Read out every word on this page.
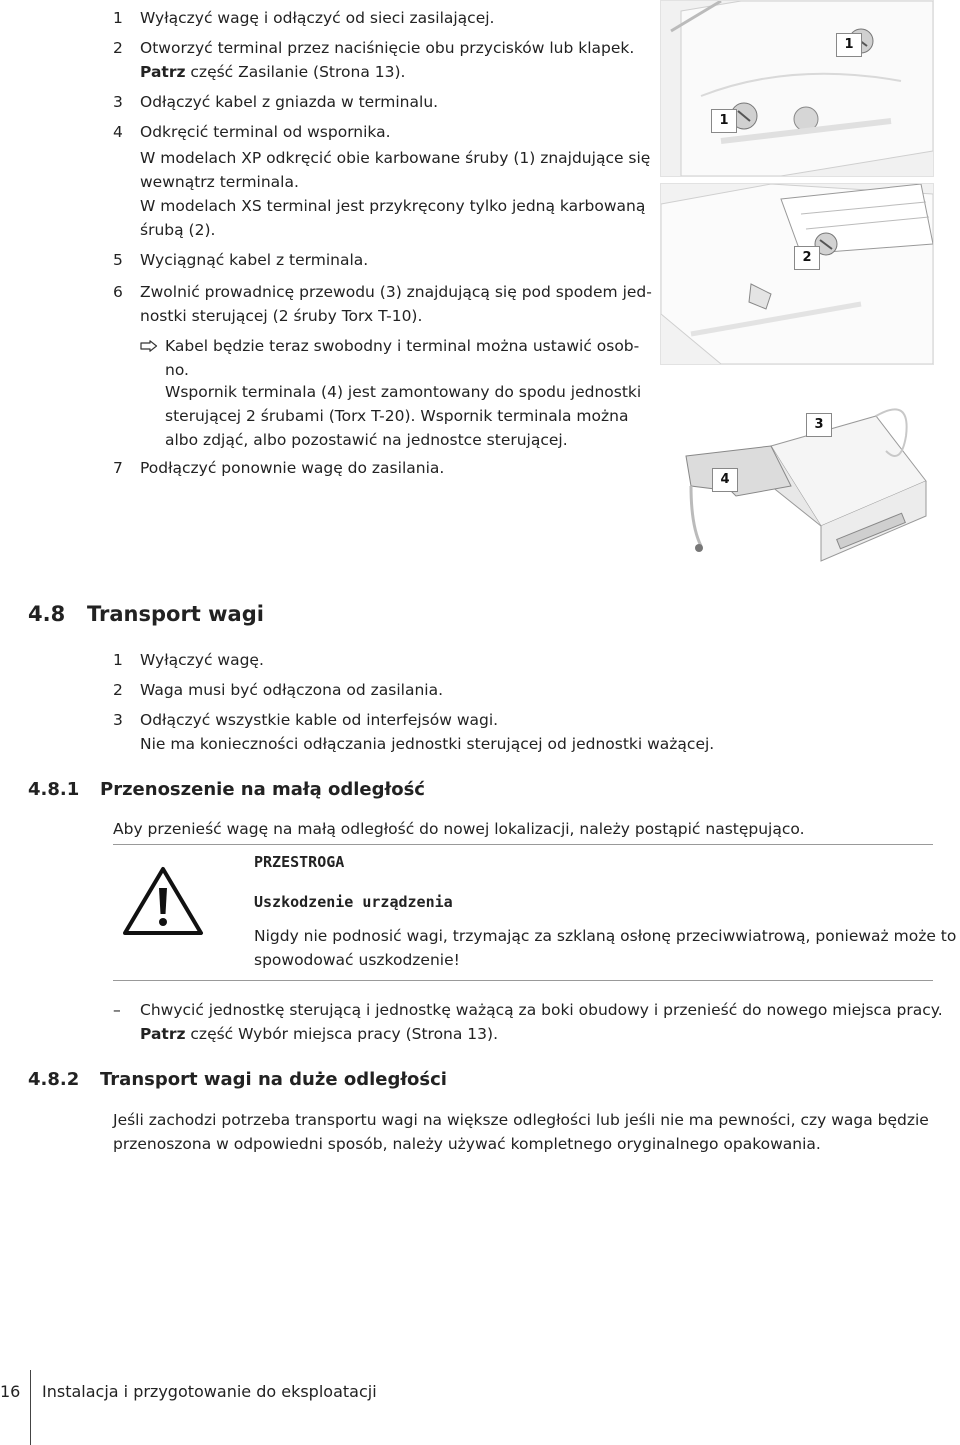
1	Wyłączyć wagę i odłączyć od sieci zasilającej.
2	Otworzyć terminal przez naciśnięcie obu przycisków lub klapek.
Patrz część Zasilanie (Strona 13).
3	Odłączyć kabel z gniazda w terminalu.
4	Odkręcić terminal od wspornika.
W modelach XP odkręcić obie karbowane śruby (1) znajdujące się
wewnątrz terminala.
W modelach XS terminal jest przykręcony tylko jedną karbowaną
śrubą (2).
5	Wyciągnąć kabel z terminala.
6	Zwolnić prowadnicę przewodu (3) znajdującą się pod spodem jed-
nostki sterującej (2 śruby Torx T-10).
Kabel będzie teraz swobodny i terminal można ustawić osob-
no.
Wspornik terminala (4) jest zamontowany do spodu jednostki
sterującej 2 śrubami (Torx T-20). Wspornik terminala można
albo zdjąć, albo pozostawić na jednostce sterującej.
7	Podłączyć ponownie wagę do zasilania.
1
1
2
3
4
4.8 Transport wagi
1	Wyłączyć wagę.
2	Waga musi być odłączona od zasilania.
3	Odłączyć wszystkie kable od interfejsów wagi.
Nie ma konieczności odłączania jednostki sterującej od jednostki ważącej.
4.8.1 Przenoszenie na małą odległość
Aby przenieść wagę na małą odległość do nowej lokalizacji, należy postąpić następująco.
PRZESTROGA
Uszkodzenie urządzenia
Nigdy nie podnosić wagi, trzymając za szklaną osłonę przeciwwiatrową, ponieważ może to
spowodować uszkodzenie!
– Chwycić jednostkę sterującą i jednostkę ważącą za boki obudowy i przenieść do nowego miejsca pracy.
Patrz część Wybór miejsca pracy (Strona 13).
4.8.2 Transport wagi na duże odległości
Jeśli zachodzi potrzeba transportu wagi na większe odległości lub jeśli nie ma pewności, czy waga będzie
przenoszona w odpowiedni sposób, należy używać kompletnego oryginalnego opakowania.
16 Instalacja i przygotowanie do eksploatacji
